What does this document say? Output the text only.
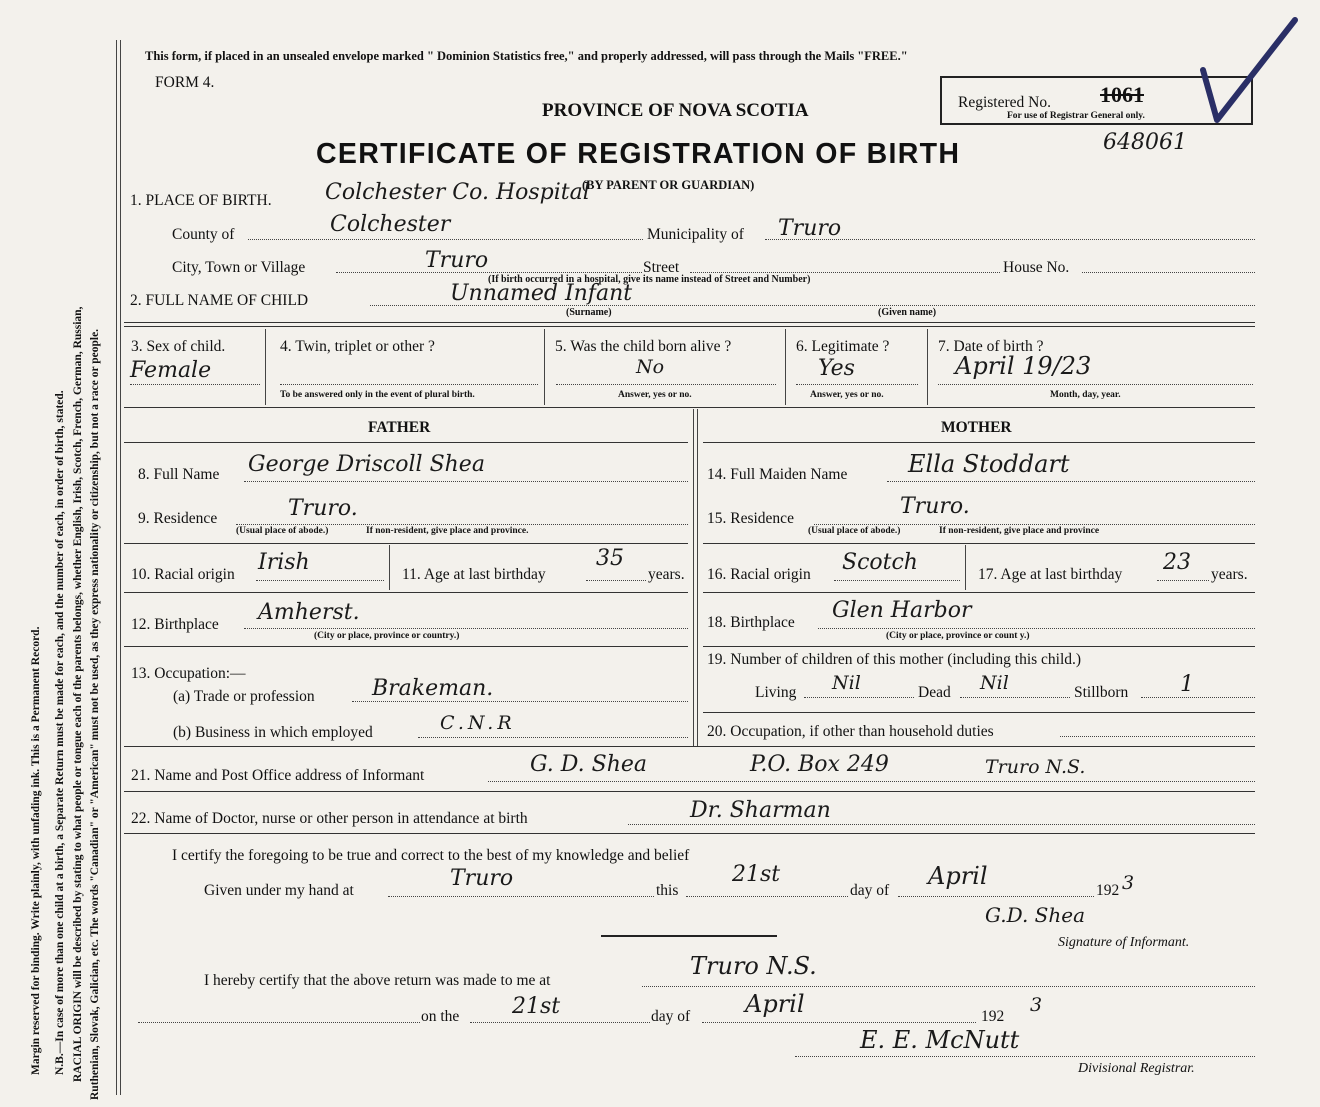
Margin reserved for binding. Write plainly, with unfading ink. This is a Permanent Record. N.B.—In case of more than one child at a birth, a Separate Return must be made for each, and the number of each, in order of birth, stated. RACIAL ORIGIN will be described by stating to what people or tongue each of the parents belongs, whether English, Irish, Scotch, French, German, Russian, Ruthenian, Slovak, Galician, etc. The words "Canadian" or "American" must not be used, as they express nationality or citizenship, but not a race or people.
This form, if placed in an unsealed envelope marked " Dominion Statistics free," and properly addressed, will pass through the Mails "FREE."
FORM 4.
PROVINCE OF NOVA SCOTIA
CERTIFICATE OF REGISTRATION OF BIRTH
(BY PARENT OR GUARDIAN)
Registered No. 1061
For use of Registrar General only.
648061
1. PLACE OF BIRTH. Colchester Co. Hospital
County of	Colchester	Municipality of Truro
City, Town or Village	Truro	Street	House No.
(If birth occurred in a hospital, give its name instead of Street and Number)
2. FULL NAME OF CHILD	Unnamed Infant
(Surname)	(Given name)
3. Sex of child.
Female
4. Twin, triplet or other ?
To be answered only in the event of plural birth.
5. Was the child born alive ?
No
Answer, yes or no.
6. Legitimate ?
Yes
Answer, yes or no.
7. Date of birth ?
April 19/23
Month, day, year.
FATHER
8. Full Name George Driscoll Shea
9. Residence	Truro.
(Usual place of abode.)	If non-resident, give place and province.
10. Racial origin Irish	11. Age at last birthday
35
years.
12. Birthplace Amherst.
(City or place, province or country.)
13. Occupation:—
(a) Trade or profession	Brakeman.
(b) Business in which employed	C.N.R
MOTHER
14. Full Maiden Name	Ella Stoddart
15. Residence	Truro.
(Usual place of abode.)	If non-resident, give place and province
16. Racial origin Scotch	17. Age at last birthday 23 years.
18. Birthplace Glen Harbor
(City or place, province or count y.)
19. Number of children of this mother (including this child.)
Living Nil	Dead Nil	Stillborn 1
20. Occupation, if other than household duties
21. Name and Post Office address of Informant	G. D. Shea	P.O. Box 249	Truro N.S.
22. Name of Doctor, nurse or other person in attendance at birth	Dr. Sharman
I certify the foregoing to be true and correct to the best of my knowledge and belief
Given under my hand at	Truro	this
21st
day of
April
192 3
G.D. Shea
Signature of Informant.
I hereby certify that the above return was made to me at
Truro N.S.
on the 21st	day of April	192
3
E. E. McNutt
Divisional Registrar.
